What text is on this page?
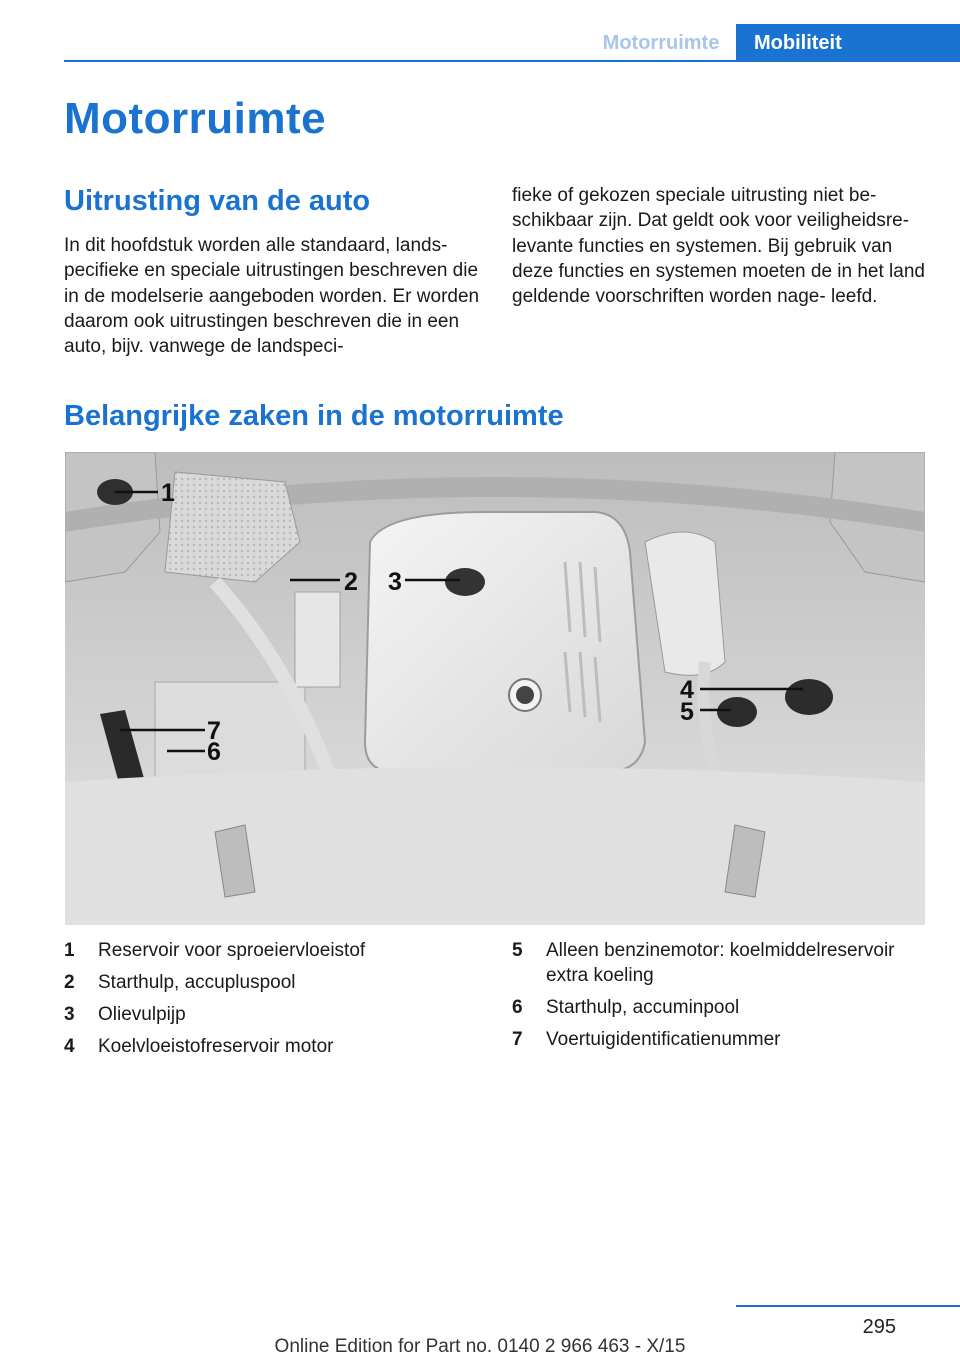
Motorruimte	Mobiliteit
Motorruimte
Uitrusting van de auto
In dit hoofdstuk worden alle standaard, lands- pecifieke en speciale uitrustingen beschreven die in de modelserie aangeboden worden. Er worden daarom ook uitrustingen beschreven die in een auto, bijv. vanwege de landspeci-
fieke of gekozen speciale uitrusting niet be- schikbaar zijn. Dat geldt ook voor veiligheidsre- levante functies en systemen. Bij gebruik van deze functies en systemen moeten de in het land geldende voorschriften worden nage- leefd.
Belangrijke zaken in de motorruimte
1
2 3
4
5
6
7
1	Reservoir voor sproeiervloeistof
2	Starthulp, accupluspool
3	Olievulpijp
4	Koelvloeistofreservoir motor
5	Alleen benzinemotor: koelmiddelreservoir extra koeling
6	Starthulp, accuminpool
7	Voertuigidentificatienummer
295
Online Edition for Part no. 0140 2 966 463 - X/15
